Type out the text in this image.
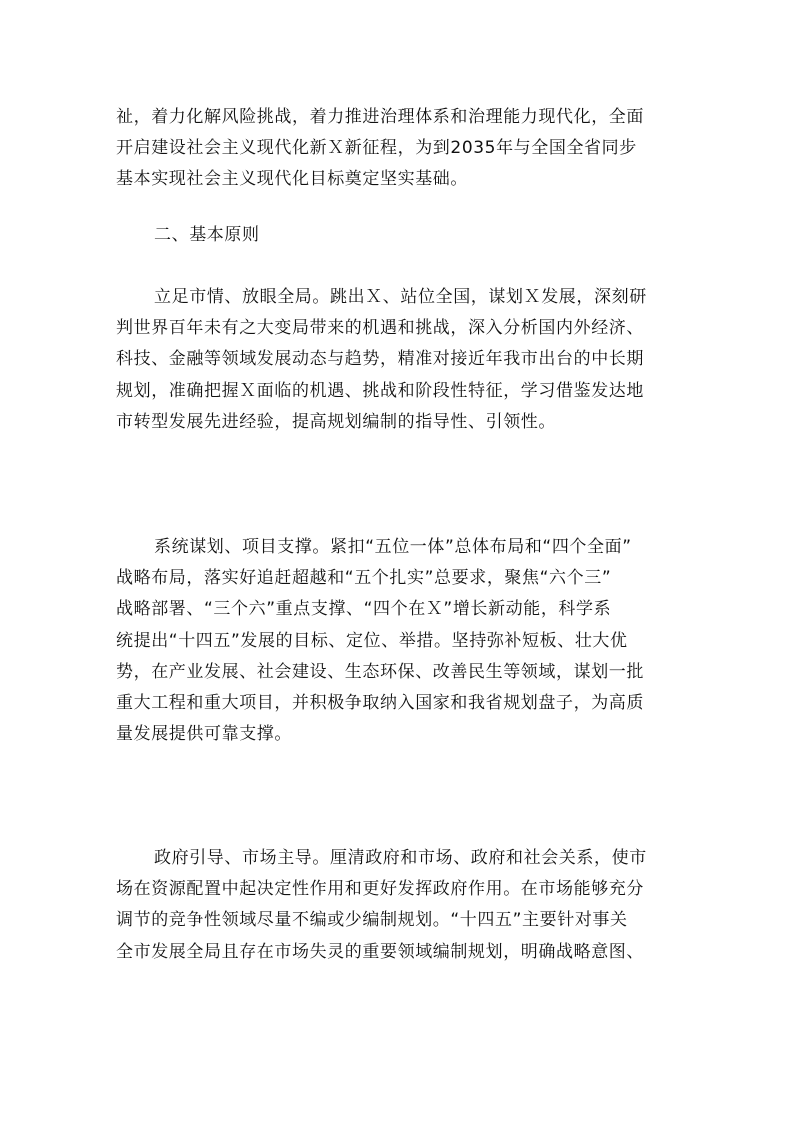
祉，着力化解风险挑战，着力推进治理体系和治理能力现代化，全面
开启建设社会主义现代化新Ｘ新征程，为到2035年与全国全省同步
基本实现社会主义现代化目标奠定坚实基础。
二、基本原则
立足市情、放眼全局。跳出Ｘ、站位全国，谋划Ｘ发展，深刻研
判世界百年未有之大变局带来的机遇和挑战，深入分析国内外经济、
科技、金融等领域发展动态与趋势，精准对接近年我市出台的中长期
规划，准确把握Ｘ面临的机遇、挑战和阶段性特征，学习借鉴发达地
市转型发展先进经验，提高规划编制的指导性、引领性。
系统谋划、项目支撑。紧扣“五位一体”总体布局和“四个全面”
战略布局，落实好追赶超越和“五个扎实”总要求，聚焦“六个三”
战略部署、“三个六”重点支撑、“四个在Ｘ”增长新动能，科学系
统提出“十四五”发展的目标、定位、举措。坚持弥补短板、壮大优
势，在产业发展、社会建设、生态环保、改善民生等领域，谋划一批
重大工程和重大项目，并积极争取纳入国家和我省规划盘子，为高质
量发展提供可靠支撑。
政府引导、市场主导。厘清政府和市场、政府和社会关系，使市
场在资源配置中起决定性作用和更好发挥政府作用。在市场能够充分
调节的竞争性领域尽量不编或少编制规划。“十四五”主要针对事关
全市发展全局且存在市场失灵的重要领域编制规划，明确战略意图、
